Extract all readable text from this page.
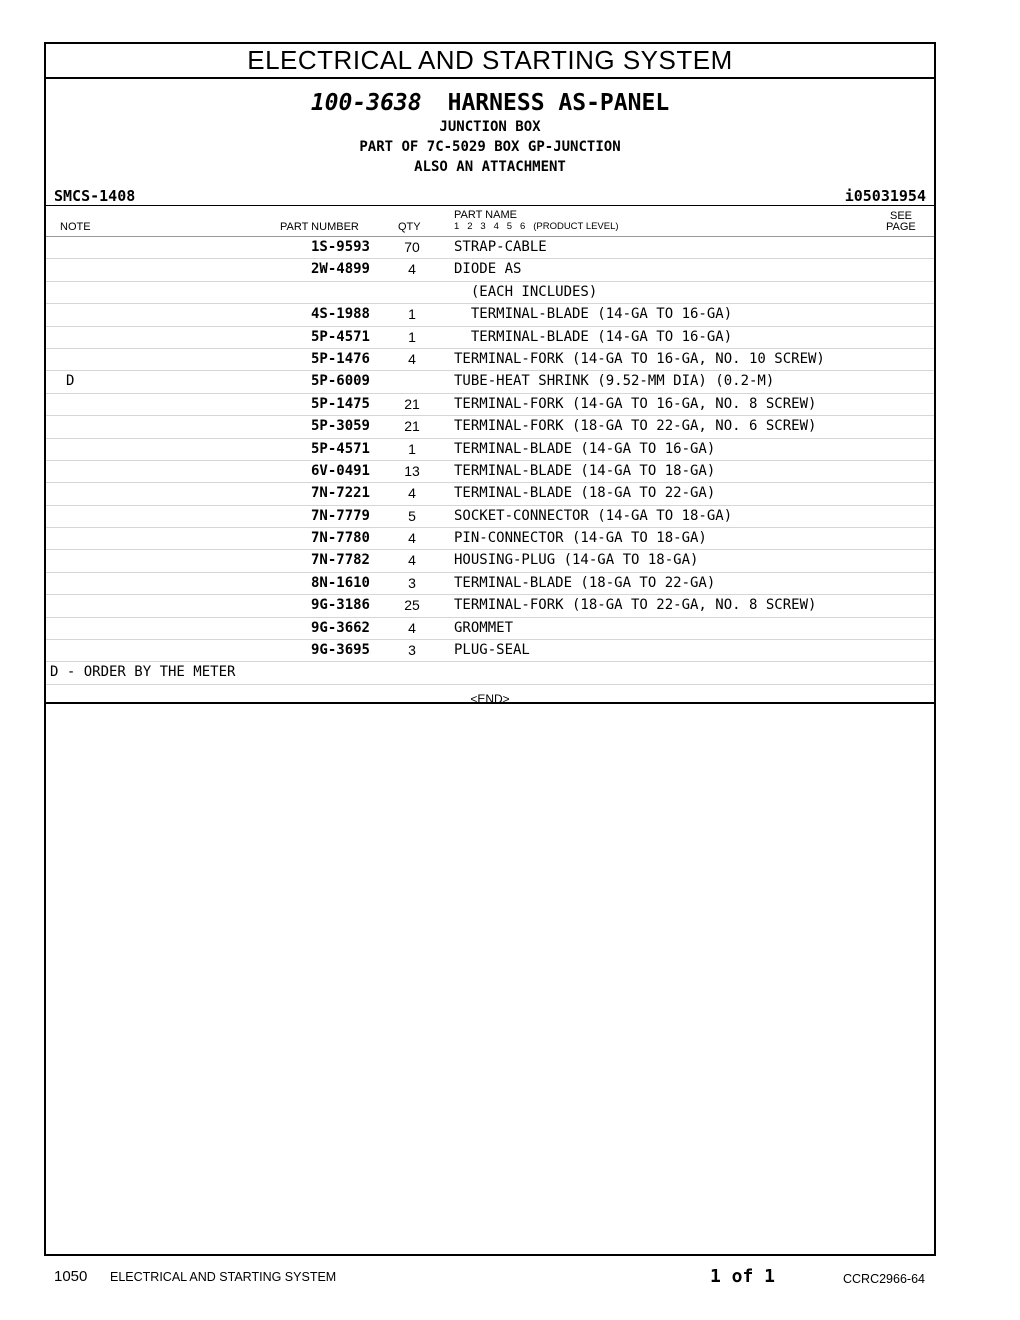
ELECTRICAL AND STARTING SYSTEM
100-3638 HARNESS AS-PANEL
JUNCTION BOX
PART OF 7C-5029 BOX GP-JUNCTION
ALSO AN ATTACHMENT
SMCS-1408	i05031954
NOTE	PART NUMBER	QTY
PART NAME
1   2   3   4   5   6   (PRODUCT LEVEL)
SEE
PAGE
1S-9593	70	STRAP-CABLE
2W-4899	4	DIODE AS
(EACH INCLUDES)
4S-1988	1	TERMINAL-BLADE (14-GA TO 16-GA)
5P-4571	1	TERMINAL-BLADE (14-GA TO 16-GA)
5P-1476	4	TERMINAL-FORK (14-GA TO 16-GA, NO. 10 SCREW)
D	5P-6009	TUBE-HEAT SHRINK (9.52-MM DIA) (0.2-M)
5P-1475	21	TERMINAL-FORK (14-GA TO 16-GA, NO. 8 SCREW)
5P-3059	21	TERMINAL-FORK (18-GA TO 22-GA, NO. 6 SCREW)
5P-4571	1	TERMINAL-BLADE (14-GA TO 16-GA)
6V-0491	13	TERMINAL-BLADE (14-GA TO 18-GA)
7N-7221	4	TERMINAL-BLADE (18-GA TO 22-GA)
7N-7779	5	SOCKET-CONNECTOR (14-GA TO 18-GA)
7N-7780	4	PIN-CONNECTOR (14-GA TO 18-GA)
7N-7782	4	HOUSING-PLUG (14-GA TO 18-GA)
8N-1610	3	TERMINAL-BLADE (18-GA TO 22-GA)
9G-3186	25	TERMINAL-FORK (18-GA TO 22-GA, NO. 8 SCREW)
9G-3662	4	GROMMET
9G-3695	3	PLUG-SEAL
D - ORDER BY THE METER
$_{<END>}$
1050 ELECTRICAL AND STARTING SYSTEM	1 of 1	CCRC2966-64
